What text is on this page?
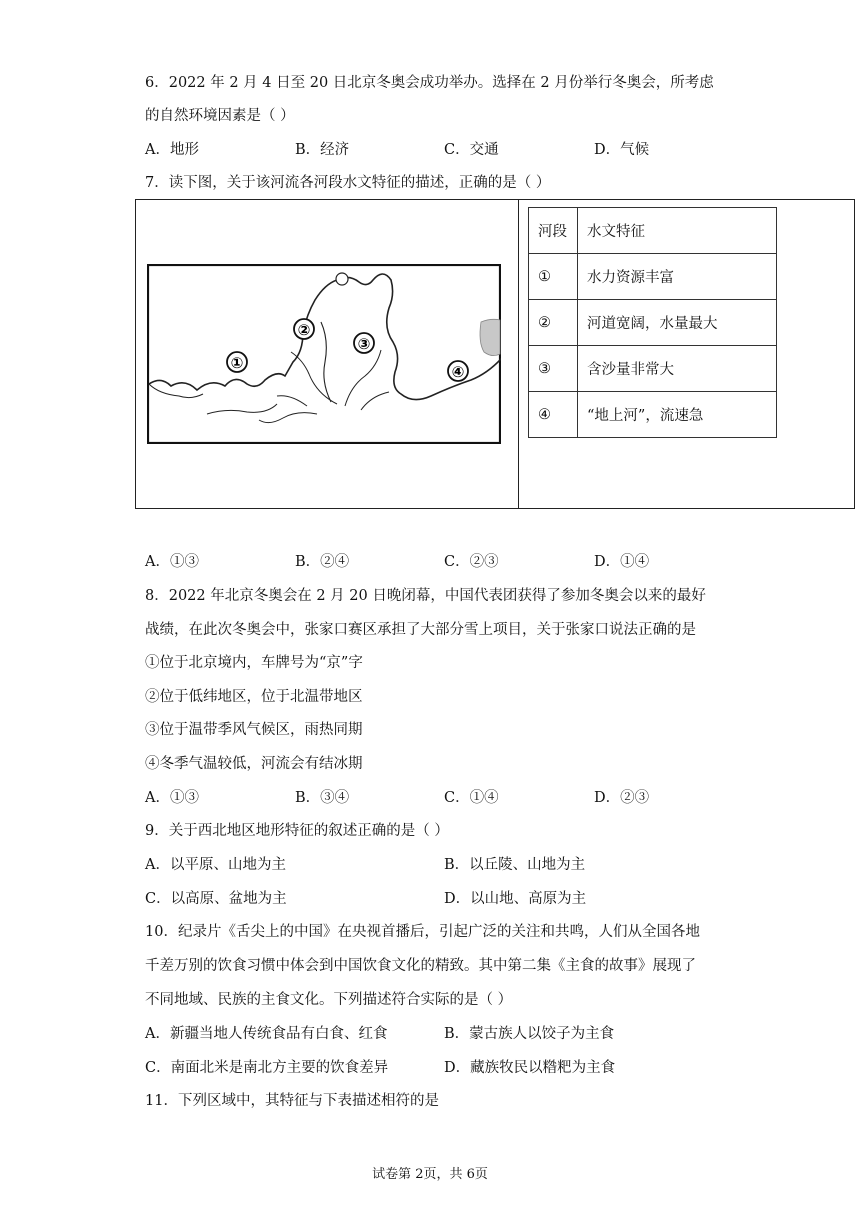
6．2022 年 2 月 4 日至 20 日北京冬奥会成功举办。选择在 2 月份举行冬奥会，所考虑
的自然环境因素是（ ）
A．地形	B．经济	C．交通	D．气候
7．读下图，关于该河流各河段水文特征的描述，正确的是（ ）
①
②
③
④
河段	水文特征
①	水力资源丰富
②	河道宽阔，水量最大
③	含沙量非常大
④	“地上河”，流速急
A．①③	B．②④	C．②③	D．①④
8．2022 年北京冬奥会在 2 月 20 日晚闭幕，中国代表团获得了参加冬奥会以来的最好
战绩，在此次冬奥会中，张家口赛区承担了大部分雪上项目，关于张家口说法正确的是
①位于北京境内，车牌号为“京”字
②位于低纬地区，位于北温带地区
③位于温带季风气候区，雨热同期
④冬季气温较低，河流会有结冰期
A．①③	B．③④	C．①④	D．②③
9．关于西北地区地形特征的叙述正确的是（ ）
A．以平原、山地为主	B．以丘陵、山地为主
C．以高原、盆地为主	D．以山地、高原为主
10．纪录片《舌尖上的中国》在央视首播后，引起广泛的关注和共鸣，人们从全国各地
千差万别的饮食习惯中体会到中国饮食文化的精致。其中第二集《主食的故事》展现了
不同地域、民族的主食文化。下列描述符合实际的是（ ）
A．新疆当地人传统食品有白食、红食	B．蒙古族人以饺子为主食
C．南面北米是南北方主要的饮食差异	D．藏族牧民以糌粑为主食
11．下列区域中，其特征与下表描述相符的是
试卷第 2页，共 6页
